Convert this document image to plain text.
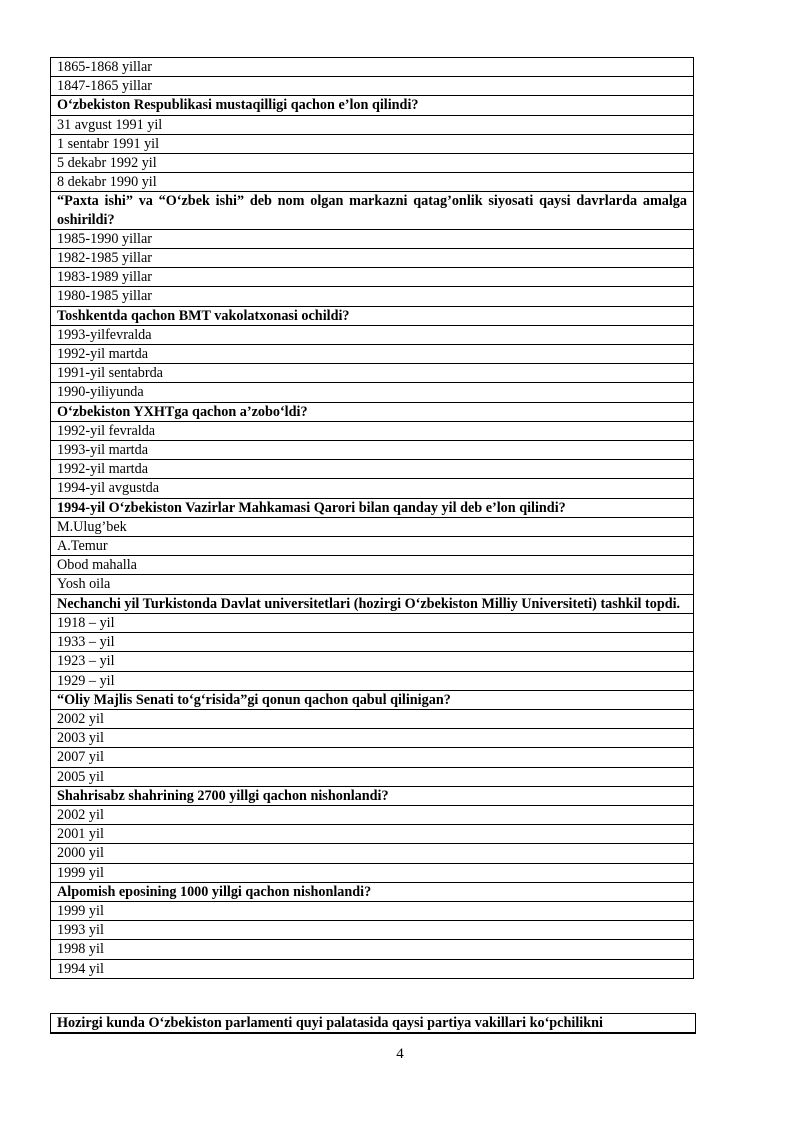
1865-1868 yillar
1847-1865 yillar
O‘zbekiston Respublikasi mustaqilligi qachon e’lon qilindi?
31 avgust 1991 yil
1 sentabr 1991 yil
5 dekabr 1992 yil
8 dekabr 1990 yil
“Paxta ishi” va “O‘zbek ishi” deb nom olgan markazni qatag’onlik siyosati qaysi davrlarda amalga oshirildi?
1985-1990 yillar
1982-1985 yillar
1983-1989 yillar
1980-1985 yillar
Toshkentda qachon BMT vakolatxonasi ochildi?
1993-yilfevralda
1992-yil martda
1991-yil sentabrda
1990-yiliyunda
O‘zbekiston YXHTga qachon a’zobo‘ldi?
1992-yil fevralda
1993-yil martda
1992-yil martda
1994-yil avgustda
1994-yil O‘zbekiston Vazirlar Mahkamasi Qarori bilan qanday yil deb e’lon qilindi?
M.Ulug’bek
A.Temur
Obod mahalla
Yosh oila
Nechanchi yil Turkistonda Davlat universitetlari (hozirgi O‘zbekiston Milliy Universiteti) tashkil topdi.
1918 – yil
1933 – yil
1923 – yil
1929 – yil
“Oliy Majlis Senati to‘g‘risida”gi qonun qachon qabul qilinigan?
2002 yil
2003 yil
2007 yil
2005 yil
Shahrisabz shahrining 2700 yillgi qachon nishonlandi?
2002 yil
2001 yil
2000 yil
1999 yil
Alpomish eposining 1000 yillgi qachon nishonlandi?
1999 yil
1993 yil
1998 yil
1994 yil
Hozirgi kunda O‘zbekiston parlamenti quyi palatasida qaysi partiya vakillari ko‘pchilikni
4
